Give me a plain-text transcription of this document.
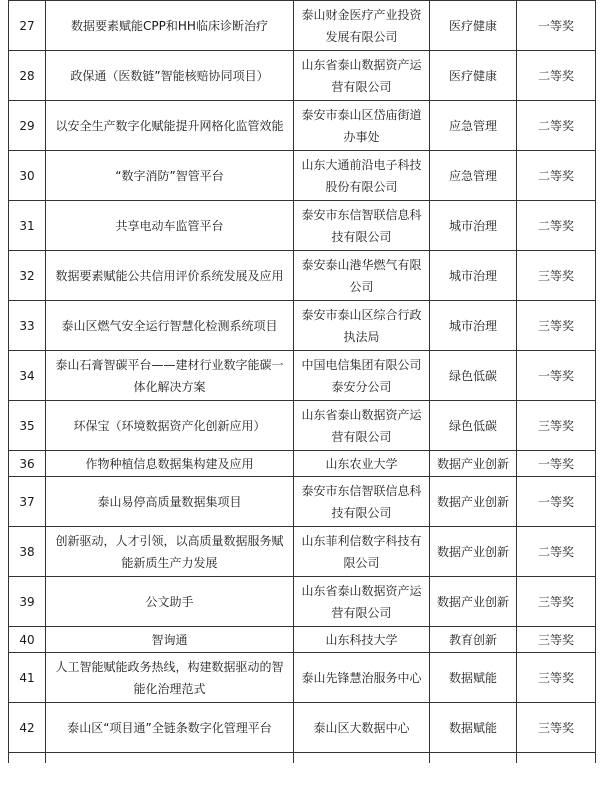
27	数据要素赋能CPP和HH临床诊断治疗	泰山财金医疗产业投资发展有限公司	医疗健康	一等奖
28	政保通（医数链”智能核赔协同项目）	山东省泰山数据资产运营有限公司	医疗健康	二等奖
29	以安全生产数字化赋能提升网格化监管效能	泰安市泰山区岱庙街道办事处	应急管理	二等奖
30	“数字消防”智管平台	山东大通前沿电子科技股份有限公司	应急管理	二等奖
31	共享电动车监管平台	泰安市东信智联信息科技有限公司	城市治理	二等奖
32	数据要素赋能公共信用评价系统发展及应用	泰安泰山港华燃气有限公司	城市治理	三等奖
33	泰山区燃气安全运行智慧化检测系统项目	泰安市泰山区综合行政执法局	城市治理	三等奖
34	泰山石膏智碳平台——建材行业数字能碳一体化解决方案	中国电信集团有限公司泰安分公司	绿色低碳	一等奖
35	环保宝（环境数据资产化创新应用）	山东省泰山数据资产运营有限公司	绿色低碳	三等奖
36	作物种植信息数据集构建及应用	山东农业大学	数据产业创新	一等奖
37	泰山易停高质量数据集项目	泰安市东信智联信息科技有限公司	数据产业创新	一等奖
38	创新驱动，人才引领，以高质量数据服务赋能新质生产力发展	山东菲利信数字科技有限公司	数据产业创新	二等奖
39	公文助手	山东省泰山数据资产运营有限公司	数据产业创新	三等奖
40	智询通	山东科技大学	教育创新	三等奖
41	人工智能赋能政务热线，构建数据驱动的智能化治理范式	泰山先锋慧治服务中心	数据赋能	三等奖
42	泰山区“项目通”全链条数字化管理平台	泰山区大数据中心	数据赋能	三等奖
